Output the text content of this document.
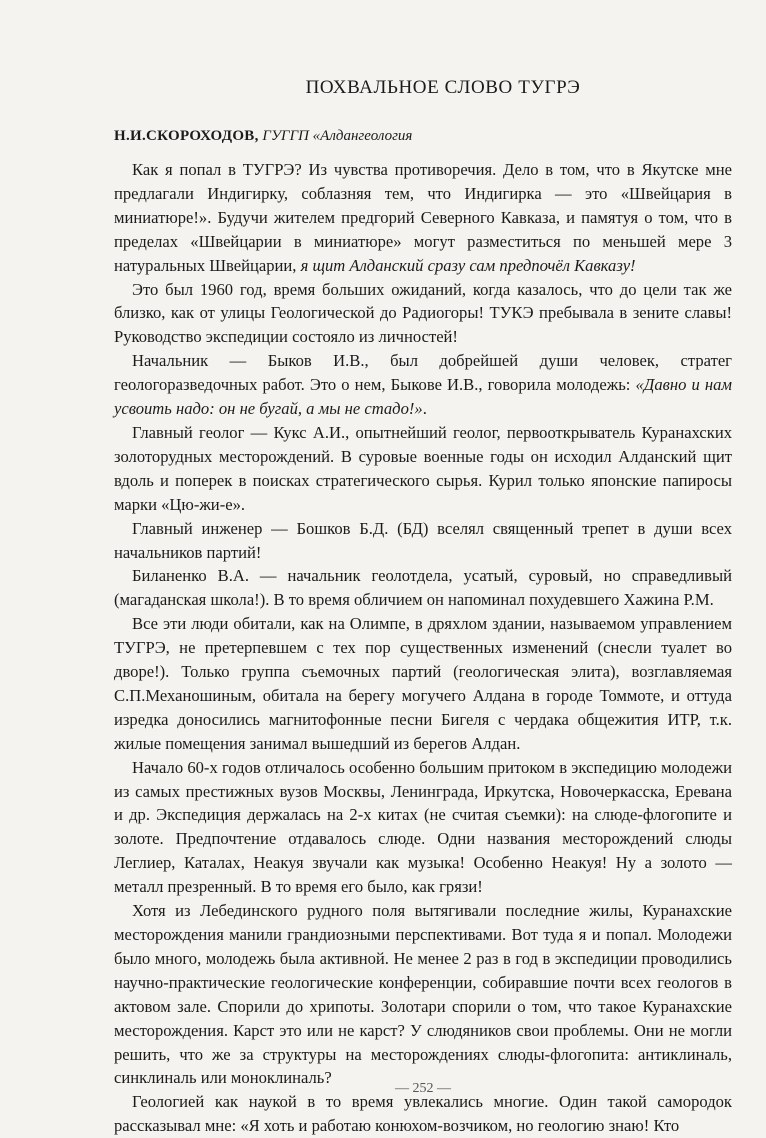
ПОХВАЛЬНОЕ СЛОВО ТУГРЭ
Н.И.СКОРОХОДОВ, ГУГГП «Алдангеология

Как я попал в ТУГРЭ? Из чувства противоречия. Дело в том, что в Якутске мне предлагали Индигирку, соблазняя тем, что Индигирка — это «Швейцария в миниатюре!». Будучи жителем предгорий Северного Кавказа, и памятуя о том, что в пределах «Швейцарии в миниатюре» могут разместиться по меньшей мере 3 натуральных Швейцарии, я щит Алданский сразу сам предпочёл Кавказу!

Это был 1960 год, время больших ожиданий, когда казалось, что до цели так же близко, как от улицы Геологической до Радиогоры! ТУКЭ пребывала в зените славы! Руководство экспедиции состояло из личностей!

Начальник — Быков И.В., был добрейшей души человек, стратег геологоразведочных работ. Это о нем, Быкове И.В., говорила молодежь: «Давно и нам усвоить надо: он не бугай, а мы не стадо!».

Главный геолог — Кукс А.И., опытнейший геолог, первооткрыватель Куранахских золоторудных месторождений. В суровые военные годы он исходил Алданский щит вдоль и поперек в поисках стратегического сырья. Курил только японские папиросы марки «Цю-жи-е».

Главный инженер — Бошков Б.Д. (БД) вселял священный трепет в души всех начальников партий!

Биланенко В.А. — начальник геолотдела, усатый, суровый, но справедливый (магаданская школа!). В то время обличием он напоминал похудевшего Хажина Р.М.

Все эти люди обитали, как на Олимпе, в дряхлом здании, называемом управлением ТУГРЭ, не претерпевшем с тех пор существенных изменений (снесли туалет во дворе!). Только группа съемочных партий (геологическая элита), возглавляемая С.П.Механошиным, обитала на берегу могучего Алдана в городе Томмоте, и оттуда изредка доносились магнитофонные песни Бигеля с чердака общежития ИТР, т.к. жилые помещения занимал вышедший из берегов Алдан.

Начало 60-х годов отличалось особенно большим притоком в экспедицию молодежи из самых престижных вузов Москвы, Ленинграда, Иркутска, Новочеркасска, Еревана и др. Экспедиция держалась на 2-х китах (не считая съемки): на слюде-флогопите и золоте. Предпочтение отдавалось слюде. Одни названия месторождений слюды Леглиер, Каталах, Неакуя звучали как музыка! Особенно Неакуя! Ну а золото — металл презренный. В то время его было, как грязи!

Хотя из Лебединского рудного поля вытягивали последние жилы, Куранахские месторождения манили грандиозными перспективами. Вот туда я и попал. Молодежи было много, молодежь была активной. Не менее 2 раз в год в экспедиции проводились научно-практические геологические конференции, собиравшие почти всех геологов в актовом зале. Спорили до хрипоты. Золотари спорили о том, что такое Куранахские месторождения. Карст это или не карст? У слюдяников свои проблемы. Они не могли решить, что же за структуры на месторождениях слюды-флогопита: антиклиналь, синклиналь или моноклиналь?

Геологией как наукой в то время увлекались многие. Один такой самородок рассказывал мне: «Я хоть и работаю конюхом-возчиком, но геологию знаю! Кто

— 252 —
